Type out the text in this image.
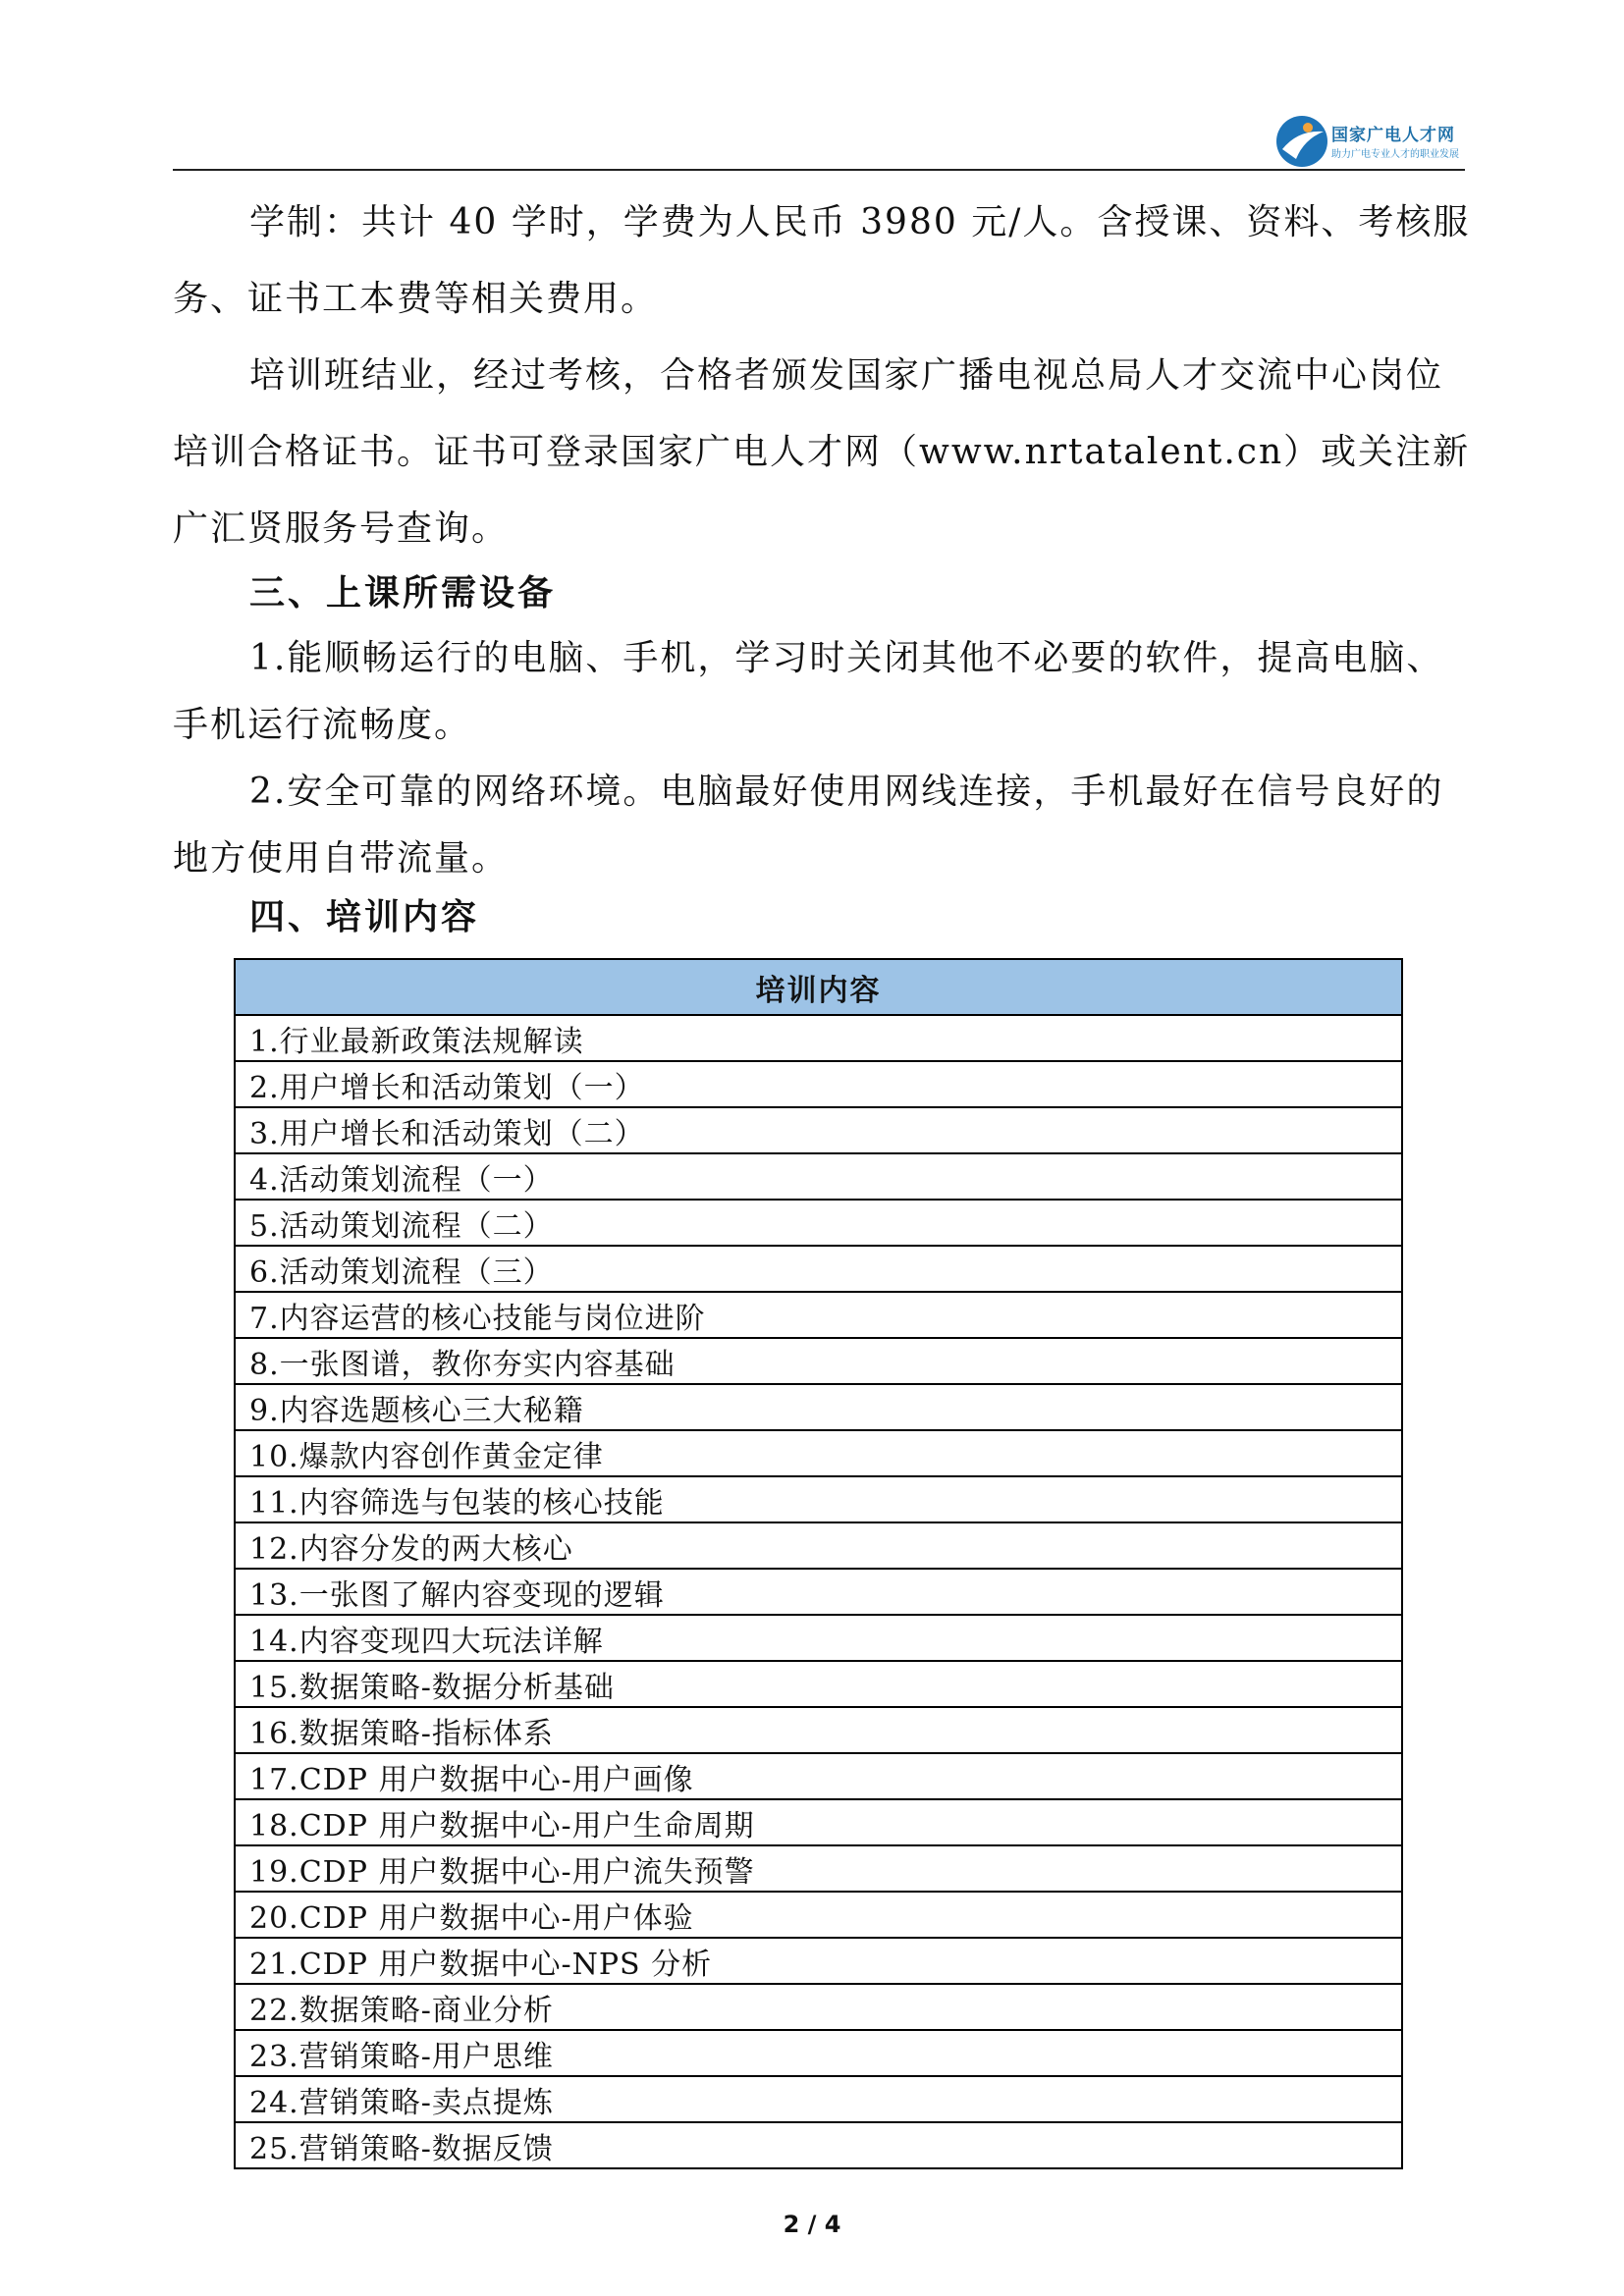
国家广电人才网
助力广电专业人才的职业发展
学制：共计 40 学时，学费为人民币 3980 元/人。含授课、资料、考核服
务、证书工本费等相关费用。
培训班结业，经过考核，合格者颁发国家广播电视总局人才交流中心岗位
培训合格证书。证书可登录国家广电人才网（www.nrtatalent.cn）或关注新
广汇贤服务号查询。
三、上课所需设备
1.能顺畅运行的电脑、手机，学习时关闭其他不必要的软件，提高电脑、
手机运行流畅度。
2.安全可靠的网络环境。电脑最好使用网线连接，手机最好在信号良好的
地方使用自带流量。
四、培训内容
培训内容
1.行业最新政策法规解读
2.用户增长和活动策划（一）
3.用户增长和活动策划（二）
4.活动策划流程（一）
5.活动策划流程（二）
6.活动策划流程（三）
7.内容运营的核心技能与岗位进阶
8.一张图谱，教你夯实内容基础
9.内容选题核心三大秘籍
10.爆款内容创作黄金定律
11.内容筛选与包装的核心技能
12.内容分发的两大核心
13.一张图了解内容变现的逻辑
14.内容变现四大玩法详解
15.数据策略-数据分析基础
16.数据策略-指标体系
17.CDP 用户数据中心-用户画像
18.CDP 用户数据中心-用户生命周期
19.CDP 用户数据中心-用户流失预警
20.CDP 用户数据中心-用户体验
21.CDP 用户数据中心-NPS 分析
22.数据策略-商业分析
23.营销策略-用户思维
24.营销策略-卖点提炼
25.营销策略-数据反馈
2 / 4
